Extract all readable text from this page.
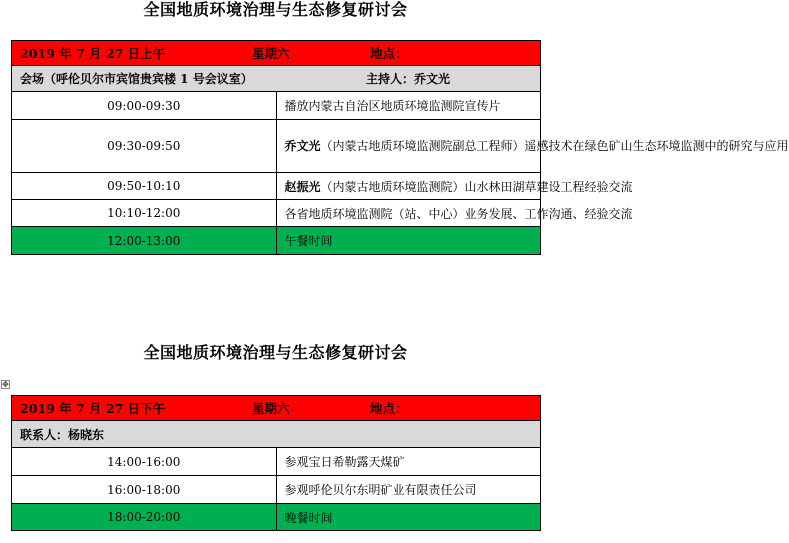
全国地质环境治理与生态修复研讨会
2019 年 7 月 27 日上午 星期六 地点：	

会场（呼伦贝尔市宾馆贵宾楼 1 号会议室） 主持人：乔文光	

09:00-09:30	播放内蒙古自治区地质环境监测院宣传片
09:30-09:50	乔文光（内蒙古地质环境监测院副总工程师）遥感技术在绿色矿山生态环境监测中的研究与应用
09:50-10:10	赵振光（内蒙古地质环境监测院）山水林田湖草建设工程经验交流
10:10-12:00	各省地质环境监测院（站、中心）业务发展、工作沟通、经验交流
12:00-13:00	午餐时间
全国地质环境治理与生态修复研讨会
✥
2019 年 7 月 27 日下午 星期六 地点：	

联系人：杨晓东	
14:00-16:00	参观宝日希勒露天煤矿
16:00-18:00	参观呼伦贝尔东明矿业有限责任公司
18:00-20:00	晚餐时间
